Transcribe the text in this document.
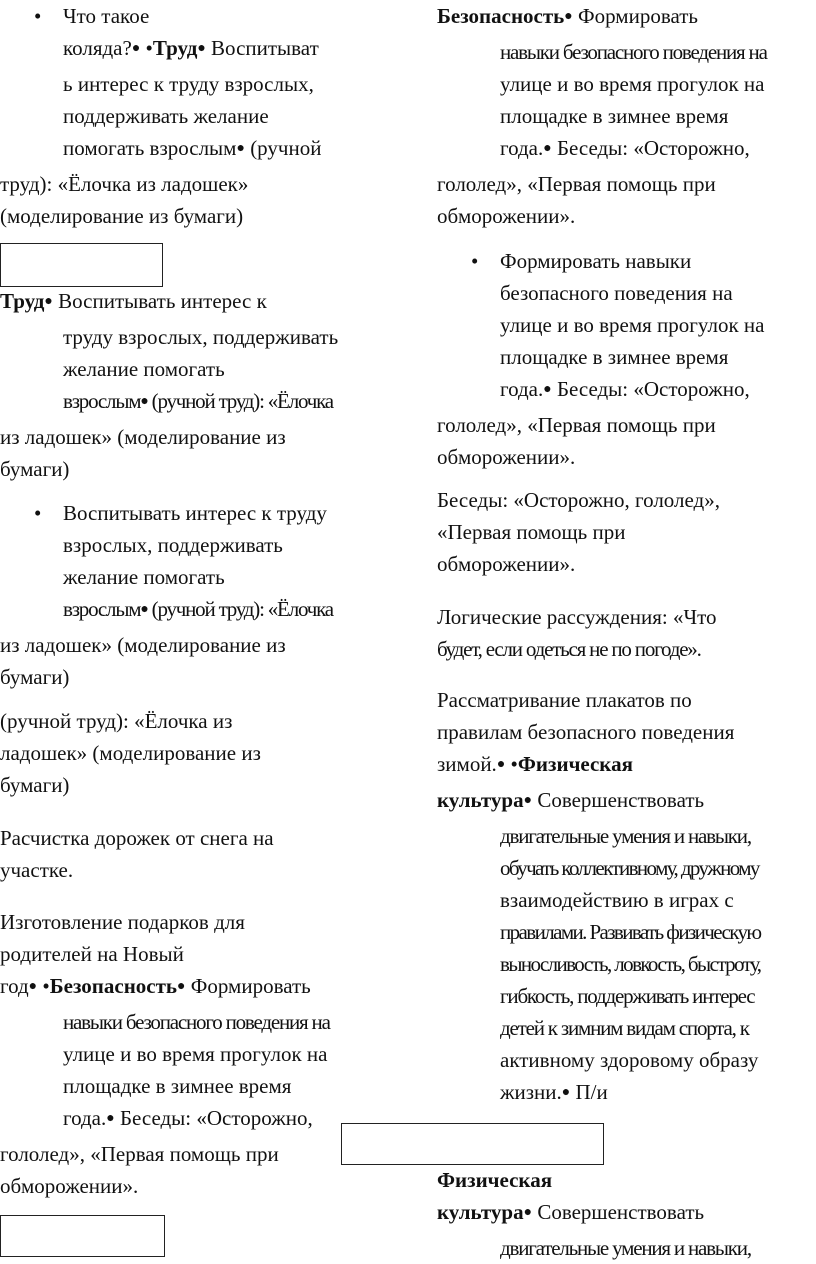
•	Что такое
коляда?● •Труд● Воспитыват
ь интерес к труду взрослых,
поддерживать желание
помогать взрослым● (ручной
труд): «Ёлочка из ладошек»
(моделирование из бумаги)
Труд● Воспитывать интерес к
труду взрослых, поддерживать
желание помогать
взрослым● (ручной труд): «Ёлочка
из ладошек» (моделирование из
бумаги)
•	Воспитывать интерес к труду
взрослых, поддерживать
желание помогать
взрослым● (ручной труд): «Ёлочка
из ладошек» (моделирование из
бумаги)
(ручной труд): «Ёлочка из
ладошек» (моделирование из
бумаги)
Расчистка дорожек от снега на
участке.
Изготовление подарков для
родителей на Новый
год● •Безопасность● Формировать
навыки безопасного поведения на
улице и во время прогулок на
площадке в зимнее время
года.● Беседы: «Осторожно,
гололед», «Первая помощь при
обморожении».
Безопасность● Формировать
навыки безопасного поведения на
улице и во время прогулок на
площадке в зимнее время
года.● Беседы: «Осторожно,
гололед», «Первая помощь при
обморожении».
•	Формировать навыки
безопасного поведения на
улице и во время прогулок на
площадке в зимнее время
года.● Беседы: «Осторожно,
гололед», «Первая помощь при
обморожении».
Беседы: «Осторожно, гололед»,
«Первая помощь при
обморожении».
Логические рассуждения: «Что
будет, если одеться не по погоде».
Рассматривание плакатов по
правилам безопасного поведения
зимой.● •Физическая
культура● Совершенствовать
двигательные умения и навыки,
обучать коллективному, дружному
взаимодействию в играх с
правилами. Развивать физическую
выносливость, ловкость, быстроту,
гибкость, поддерживать интерес
детей к зимним видам спорта, к
активному здоровому образу
жизни.● П/и
Физическая
культура● Совершенствовать
двигательные умения и навыки,
